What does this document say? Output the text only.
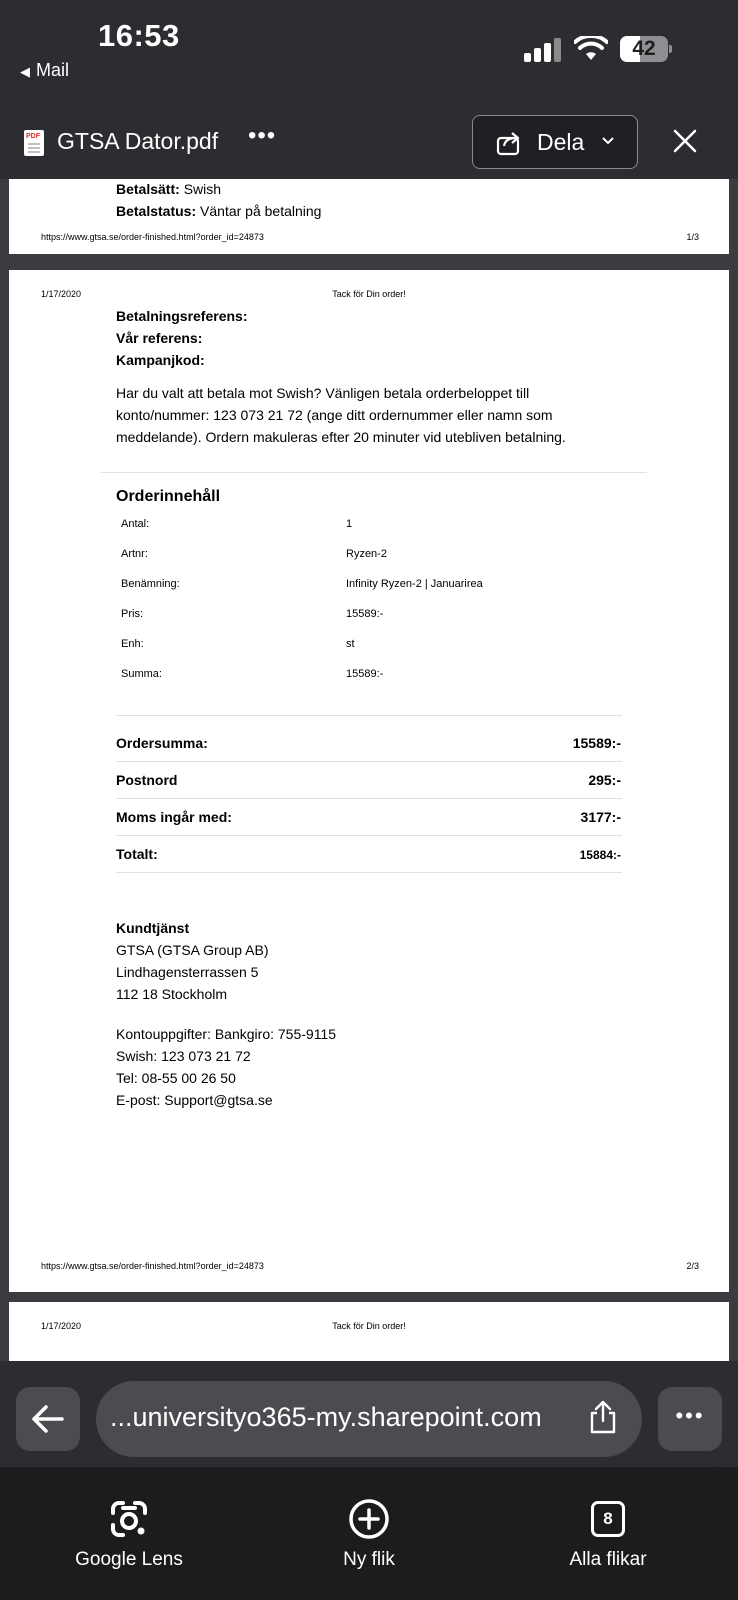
16:53
◀ Mail
42
PDF GTSA Dator.pdf •••	Dela
Betalsätt: Swish
Betalstatus: Väntar på betalning
https://www.gtsa.se/order-finished.html?order_id=24873	1/3
1/17/2020	Tack för Din order!
Betalningsreferens:
Vår referens:
Kampanjkod:
Har du valt att betala mot Swish? Vänligen betala orderbeloppet till
konto/nummer: 123 073 21 72 (ange ditt ordernummer eller namn som
meddelande). Ordern makuleras efter 20 minuter vid utebliven betalning.
Orderinnehåll
Antal:	1
Artnr:	Ryzen-2
Benämning:	Infinity Ryzen-2 | Januarirea
Pris:	15589:-
Enh:	st
Summa:	15589:-
Ordersumma:	15589:-
Postnord	295:-
Moms ingår med:	3177:-
Totalt:	15884:-
Kundtjänst
GTSA (GTSA Group AB)
Lindhagensterrassen 5
112 18 Stockholm
Kontouppgifter: Bankgiro: 755-9115
Swish: 123 073 21 72
Tel: 08-55 00 26 50
E-post: Support@gtsa.se
https://www.gtsa.se/order-finished.html?order_id=24873	2/3
1/17/2020	Tack för Din order!
...universityo365-my.sharepoint.com	•••
Google Lens	Ny flik
8
Alla flikar
